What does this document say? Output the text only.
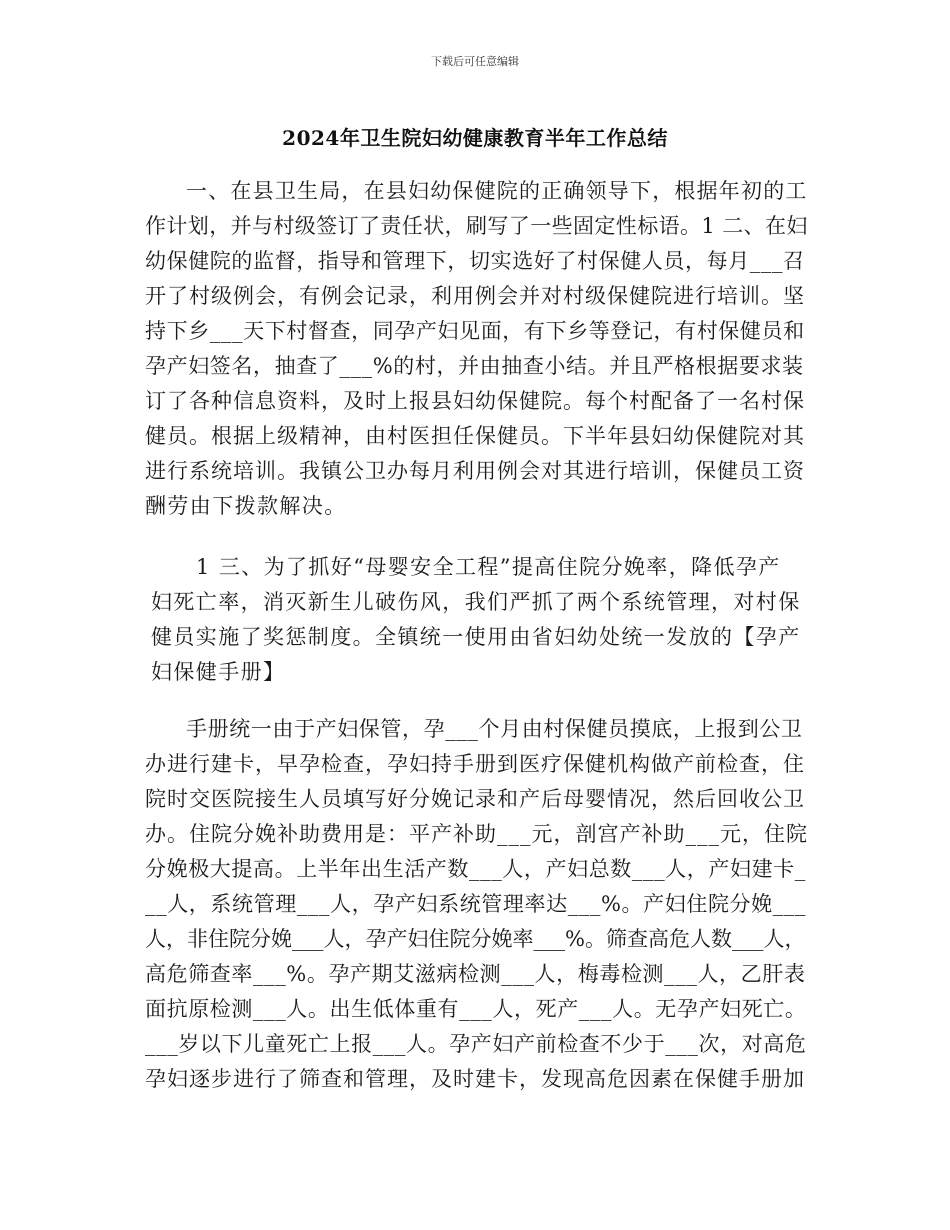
下载后可任意编辑
2024年卫生院妇幼健康教育半年工作总结
一、在县卫生局，在县妇幼保健院的正确领导下，根据年初的工
作计划，并与村级签订了责任状，刷写了一些固定性标语。1 二、在妇
幼保健院的监督，指导和管理下，切实选好了村保健人员，每月___召
开了村级例会，有例会记录，利用例会并对村级保健院进行培训。坚
持下乡___天下村督查，同孕产妇见面，有下乡等登记，有村保健员和
孕产妇签名，抽查了___%的村，并由抽查小结。并且严格根据要求装
订了各种信息资料，及时上报县妇幼保健院。每个村配备了一名村保
健员。根据上级精神，由村医担任保健员。下半年县妇幼保健院对其
进行系统培训。我镇公卫办每月利用例会对其进行培训，保健员工资
酬劳由下拨款解决。
1 三、为了抓好“母婴安全工程”提高住院分娩率，降低孕产
妇死亡率，消灭新生儿破伤风，我们严抓了两个系统管理，对村保
健员实施了奖惩制度。全镇统一使用由省妇幼处统一发放的【孕产
妇保健手册】
手册统一由于产妇保管，孕___个月由村保健员摸底，上报到公卫
办进行建卡，早孕检查，孕妇持手册到医疗保健机构做产前检查，住
院时交医院接生人员填写好分娩记录和产后母婴情况，然后回收公卫
办。住院分娩补助费用是：平产补助___元，剖宫产补助___元，住院
分娩极大提高。上半年出生活产数___人，产妇总数___人，产妇建卡_
__人，系统管理___人，孕产妇系统管理率达___%。产妇住院分娩___
人，非住院分娩___人，孕产妇住院分娩率___%。筛查高危人数___人，
高危筛查率___%。孕产期艾滋病检测___人，梅毒检测___人，乙肝表
面抗原检测___人。出生低体重有___人，死产___人。无孕产妇死亡。
___岁以下儿童死亡上报___人。孕产妇产前检查不少于___次，对高危
孕妇逐步进行了筛查和管理，及时建卡，发现高危因素在保健手册加
